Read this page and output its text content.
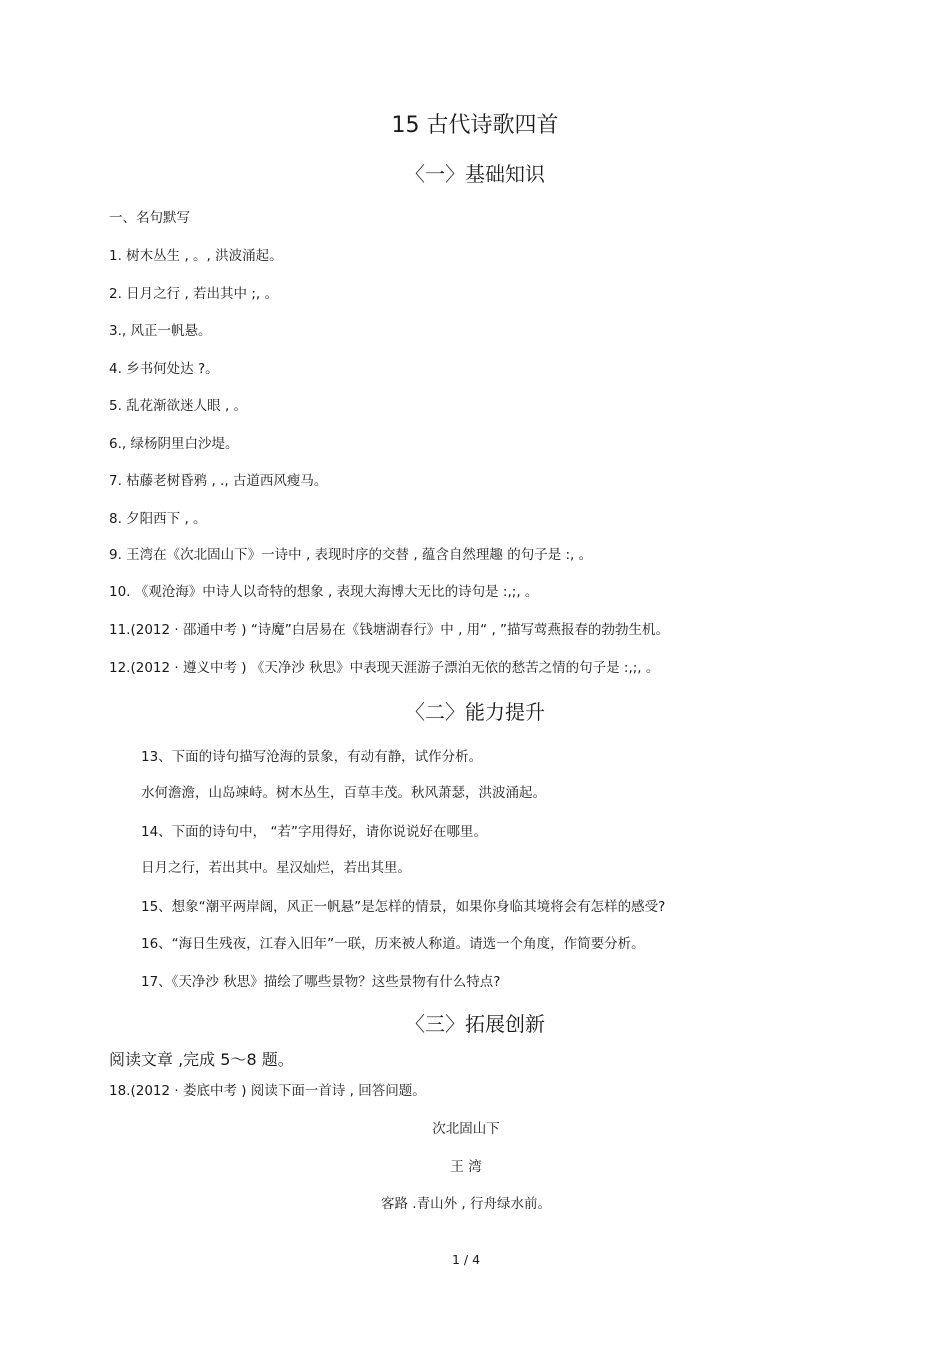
15 古代诗歌四首
〈一〉基础知识
一、名句默写
1. 树木丛生 , 。, 洪波涌起。
2. 日月之行 , 若出其中 ;, 。
3., 风正一帆悬。
4. 乡书何处达 ?。
5. 乱花渐欲迷人眼 , 。
6., 绿杨阴里白沙堤。
7. 枯藤老树昏鸦 , ., 古道西风瘦马。
8. 夕阳西下 , 。
9. 王湾在《次北固山下》一诗中 , 表现时序的交替 , 蕴含自然理趣 的句子是 :, 。
10. 《观沧海》中诗人以奇特的想象 , 表现大海博大无比的诗句是 :,;, 。
11.(2012 · 邵通中考 ) “诗魔”白居易在《钱塘湖春行》中 , 用“ , ”描写莺燕报春的勃勃生机。
12.(2012 · 遵义中考 ) 《天净沙 秋思》中表现天涯游子漂泊无依的愁苦之情的句子是 :,;, 。
〈二〉能力提升
13、下面的诗句描写沧海的景象，有动有静，试作分析。
水何澹澹，山岛竦峙。树木丛生，百草丰茂。秋风萧瑟，洪波涌起。
14、下面的诗句中， “若”字用得好，请你说说好在哪里。
日月之行，若出其中。星汉灿烂，若出其里。
15、想象“潮平两岸阔，风正一帆悬”是怎样的情景，如果你身临其境将会有怎样的感受?
16、“海日生残夜，江春入旧年”一联，历来被人称道。请选一个角度，作简要分析。
17、《天净沙 秋思》描绘了哪些景物？这些景物有什么特点?
〈三〉拓展创新
阅读文章 ,完成 5～8 题。
18.(2012 · 娄底中考 ) 阅读下面一首诗 , 回答问题。
次北固山下
王 湾
客路 .青山外 , 行舟绿水前。
1 / 4
